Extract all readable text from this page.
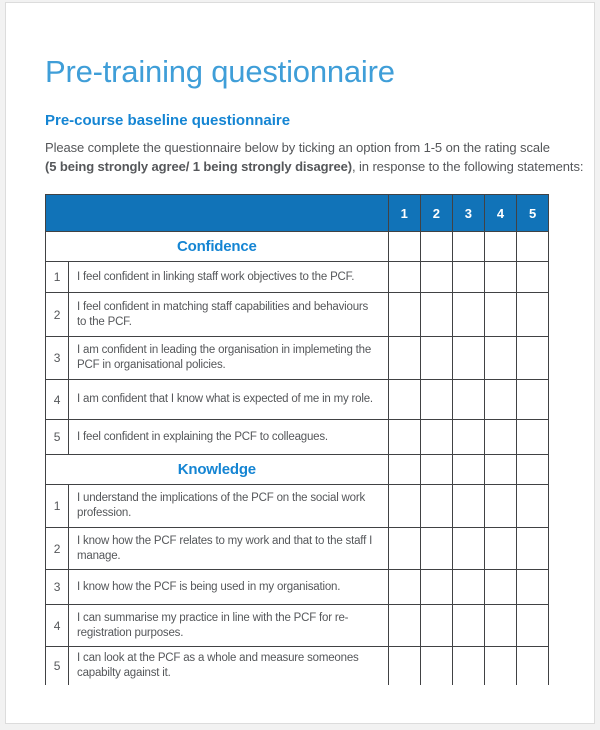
Pre-training questionnaire
Pre-course baseline questionnaire
Please complete the questionnaire below by ticking an option from 1-5 on the rating scale
(5 being strongly agree/ 1 being strongly disagree), in response to the following statements:
		1	2	3	4	5
Confidence						
1	I feel confident in linking staff work objectives to the PCF.					
2	I feel confident in matching staff capabilities and behaviours to the PCF.					
3	I am confident in leading the organisation in implemeting the PCF in organisational policies.					
4	I am confident that I know what is expected of me in my role.					
5	I feel confident in explaining the PCF to colleagues.					
Knowledge						
1	I understand the implications of the PCF on the social work profession.					
2	I know how the PCF relates to my work and that to the staff I manage.					
3	I know how the PCF is being used in my organisation.					
4	I can summarise my practice in line with the PCF for re-registration purposes.					
5	I can look at the PCF as a whole and measure someones capabilty against it.					
